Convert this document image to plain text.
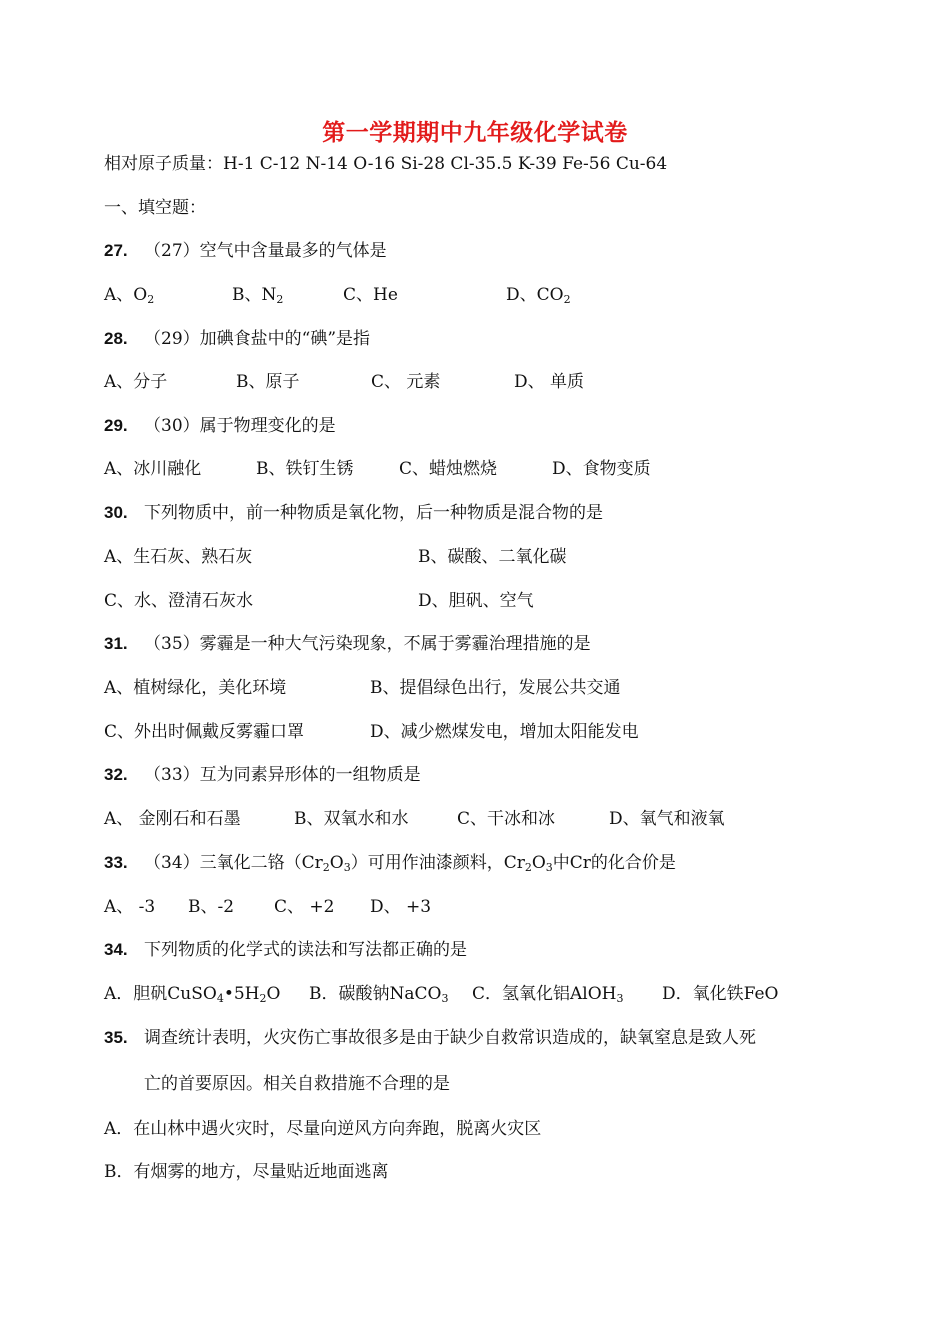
第一学期期中九年级化学试卷
相对原子质量：H-1 C-12 N-14 O-16 Si-28 Cl-35.5 K-39 Fe-56 Cu-64
一、填空题：
27. （27）空气中含量最多的气体是
A、$O_2$	B、$N_2$	C、He	D、$CO_2$
28. （29）加碘食盐中的“碘”是指
A、分子	B、原子	C、 元素	D、 单质
29. （30）属于物理变化的是
A、冰川融化	B、铁钉生锈	C、蜡烛燃烧	D、食物变质
30. 下列物质中，前一种物质是氧化物，后一种物质是混合物的是
A、生石灰、熟石灰	B、碳酸、二氧化碳
C、水、澄清石灰水	D、胆矾、空气
31. （35）雾霾是一种大气污染现象，不属于雾霾治理措施的是
A、植树绿化，美化环境	B、提倡绿色出行，发展公共交通
C、外出时佩戴反雾霾口罩	D、减少燃煤发电，增加太阳能发电
32. （33）互为同素异形体的一组物质是
A、 金刚石和石墨	B、双氧水和水	C、干冰和冰	D、氧气和液氧
33. （34）三氧化二铬$(Cr_2O_3)$可用作油漆颜料，$Cr_2O_3$中Cr的化合价是
A、 -3 B、-2 C、 +2 D、 +3
34. 下列物质的化学式的读法和写法都正确的是
A．胆矾$CuSO_4•5H_2O$ B．碳酸钠NaCO$_3$ C．氢氧化铝AlOH$_3$ D．氧化铁FeO
35. 调查统计表明，火灾伤亡事故很多是由于缺少自救常识造成的，缺氧窒息是致人死
亡的首要原因。相关自救措施不合理的是
A．在山林中遇火灾时，尽量向逆风方向奔跑，脱离火灾区
B．有烟雾的地方，尽量贴近地面逃离
